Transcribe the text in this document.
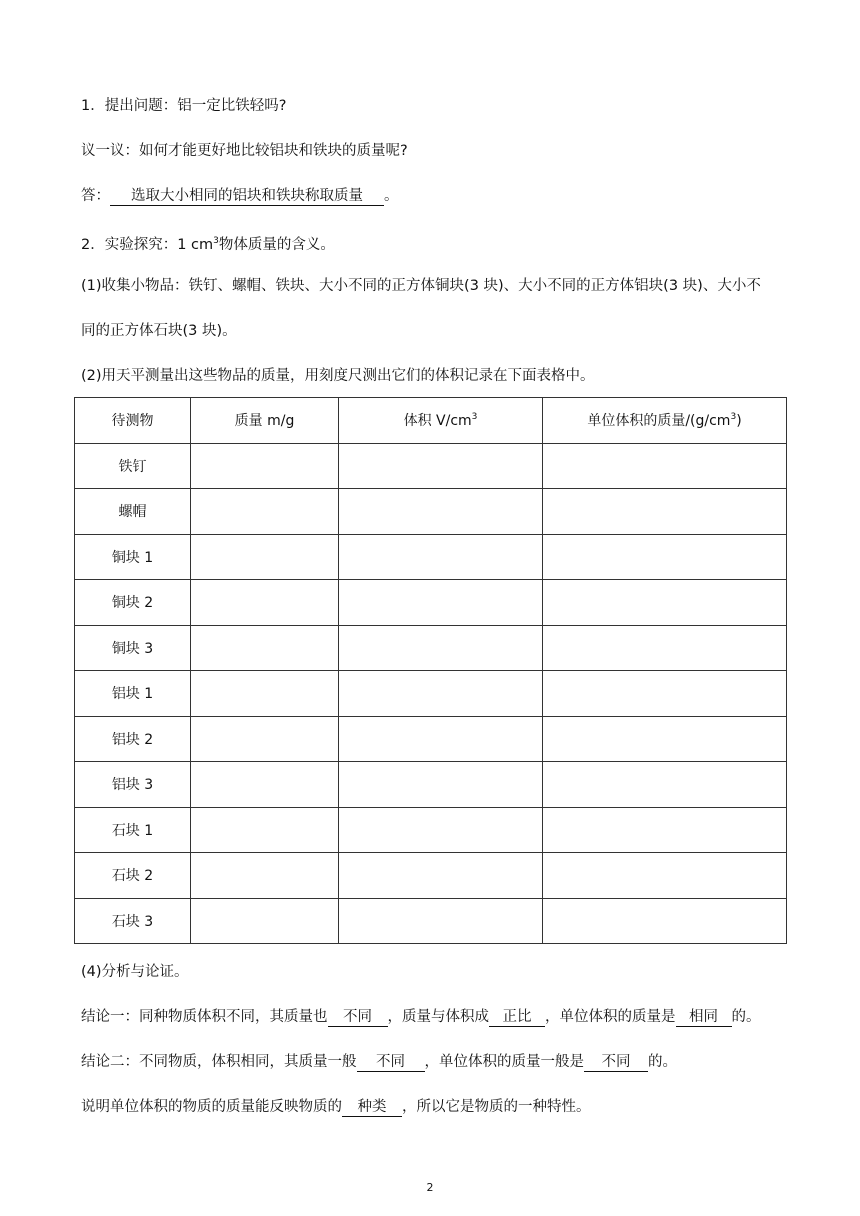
1．提出问题：铝一定比铁轻吗?
议一议：如何才能更好地比较铝块和铁块的质量呢?
答： 选取大小相同的铝块和铁块称取质量 。
2．实验探究：1 $cm^3$物体质量的含义。
(1)收集小物品：铁钉、螺帽、铁块、大小不同的正方体铜块(3 块)、大小不同的正方体铝块(3 块)、大小不
同的正方体石块(3 块)。
(2)用天平测量出这些物品的质量，用刻度尺测出它们的体积记录在下面表格中。
待测物	质量 m/g	体积 $V/cm^3$	单位体积的质量$/(g/cm^3)$
铁钉			
螺帽			
铜块 1			
铜块 2			
铜块 3			
铝块 1			
铝块 2			
铝块 3			
石块 1			
石块 2			
石块 3			
(4)分析与论证。
结论一：同种物质体积不同，其质量也 不同 ，质量与体积成 正比 ，单位体积的质量是 相同 的。
结论二：不同物质，体积相同，其质量一般 不同 ，单位体积的质量一般是 不同 的。
说明单位体积的物质的质量能反映物质的 种类 ，所以它是物质的一种特性。
2
